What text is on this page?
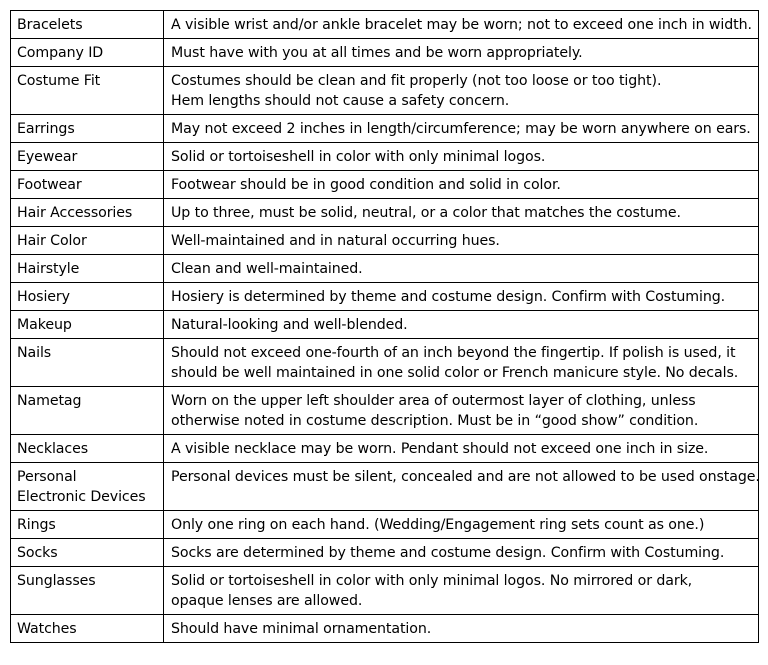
Bracelets	A visible wrist and/or ankle bracelet may be worn; not to exceed one inch in width.

Company ID	Must have with you at all times and be worn appropriately.

Costume Fit	Costumes should be clean and fit properly (not too loose or too tight).
Hem lengths should not cause a safety concern.

Earrings	May not exceed 2 inches in length/circumference; may be worn anywhere on ears.

Eyewear	Solid or tortoiseshell in color with only minimal logos.

Footwear	Footwear should be in good condition and solid in color.

Hair Accessories	Up to three, must be solid, neutral, or a color that matches the costume.

Hair Color	Well-maintained and in natural occurring hues.

Hairstyle	Clean and well-maintained.

Hosiery	Hosiery is determined by theme and costume design. Confirm with Costuming.

Makeup	Natural-looking and well-blended.

Nails	Should not exceed one-fourth of an inch beyond the fingertip. If polish is used, it
should be well maintained in one solid color or French manicure style. No decals.

Nametag	Worn on the upper left shoulder area of outermost layer of clothing, unless
otherwise noted in costume description. Must be in “good show” condition.

Necklaces	A visible necklace may be worn. Pendant should not exceed one inch in size.

Personal
Electronic Devices	Personal devices must be silent, concealed and are not allowed to be used onstage.

Rings	Only one ring on each hand. (Wedding/Engagement ring sets count as one.)

Socks	Socks are determined by theme and costume design. Confirm with Costuming.

Sunglasses	Solid or tortoiseshell in color with only minimal logos. No mirrored or dark,
opaque lenses are allowed.

Watches	Should have minimal ornamentation.
